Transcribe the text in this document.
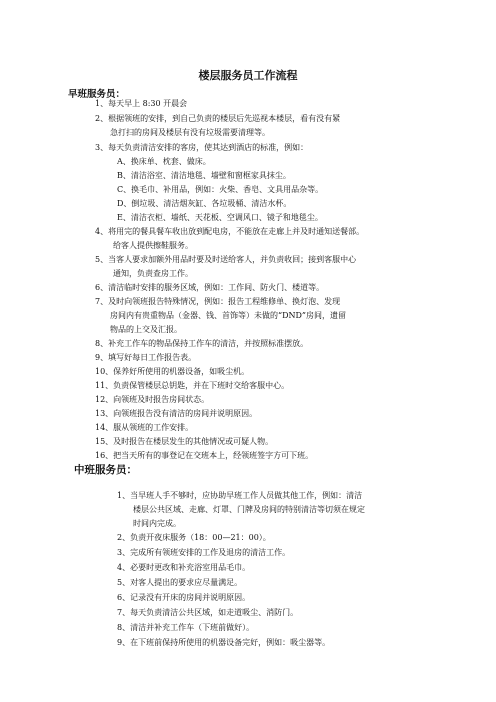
楼层服务员工作流程
早班服务员：
1、每天早上 8:30 开晨会
2、根据领班的安排，到自己负责的楼层后先巡视本楼层，看有没有紧
急打扫的房间及楼层有没有垃圾需要清理等。
3、每天负责清洁安排的客房，使其达到酒店的标准，例如：
A、换床单、枕套、做床。
B、清洁浴室、清洁地毯、墙壁和窗框家具抹尘。
C、换毛巾、补用品，例如：火柴、香皂、文具用品杂等。
D、倒垃圾、清洁烟灰缸、各垃圾桶、清洁水杯。
E、清洁衣柜、墙纸、天花板、空调风口、镜子和地毯尘。
4、将用完的餐具餐车收出放到配电房，不能放在走廊上并及时通知送餐部。
给客人提供擦鞋服务。
5、当客人要求加额外用品时要及时送给客人，并负责收回；接到客服中心
通知，负责查房工作。
6、清洁临时安排的服务区域，例如：工作间、防火门、楼道等。
7、及时向领班报告特殊情况，例如：报告工程维修单、换灯泡、发现
房间内有贵重物品（金器、钱、首饰等）未做的“DND”房间，遗留
物品的上交及汇报。
8、补充工作车的物品保持工作车的清洁，并按照标准摆放。
9、填写好每日工作报告表。
10、保养好所使用的机器设备，如吸尘机。
11、负责保管楼层总钥匙，并在下班时交给客服中心。
12、向领班及时报告房间状态。
13、向领班报告没有清洁的房间并说明原因。
14、服从领班的工作安排。
15、及时报告在楼层发生的其他情况或可疑人物。
16、把当天所有的事登记在交班本上，经领班签字方可下班。
中班服务员：
1、当早班人手不够时，应协助早班工作人员做其他工作，例如：清洁
楼层公共区域、走廊、灯罩、门牌及房间的特别清洁等切须在规定
时间内完成。
2、负责开夜床服务（18：00—21：00）。
3、完成所有领班安排的工作及退房的清洁工作。
4、必要时更改和补充浴室用品毛巾。
5、对客人提出的要求应尽量满足。
6、记录没有开床的房间并说明原因。
7、每天负责清洁公共区域，如走道吸尘、消防门。
8、清洁并补充工作车（下班前做好）。
9、在下班前保持所使用的机器设备完好，例如：吸尘器等。
